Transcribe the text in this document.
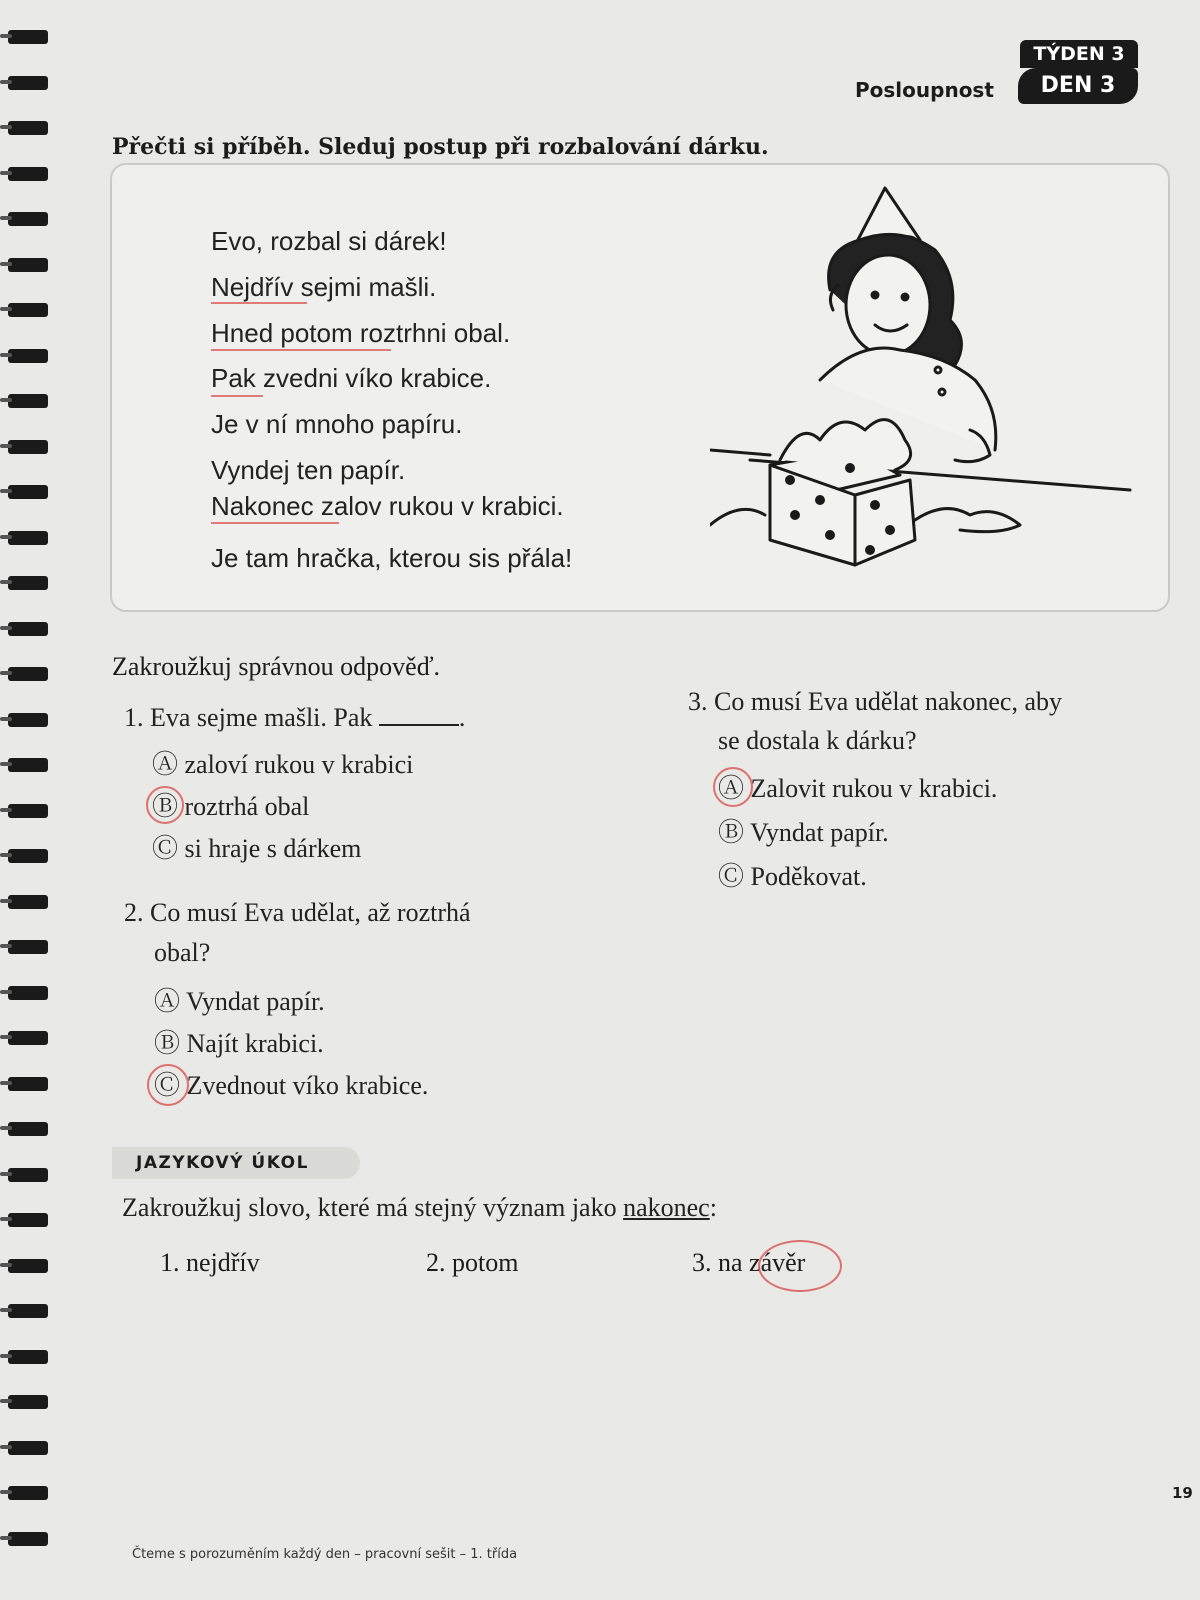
TÝDEN 3
DEN 3
Posloupnost
Přečti si příběh. Sleduj postup při rozbalování dárku.
Evo, rozbal si dárek!
Nejdřív sejmi mašli.
Hned potom roztrhni obal.
Pak zvedni víko krabice.
Je v ní mnoho papíru.
Vyndej ten papír.
Nakonec zalov rukou v krabici.
Je tam hračka, kterou sis přála!
Zakroužkuj správnou odpověď.
1. Eva sejme mašli. Pak	.
Ⓐ zaloví rukou v krabici
Ⓑ roztrhá obal
Ⓒ si hraje s dárkem
2. Co musí Eva udělat, až roztrhá
obal?
Ⓐ Vyndat papír.
Ⓑ Najít krabici.
Ⓒ Zvednout víko krabice.
3. Co musí Eva udělat nakonec, aby
se dostala k dárku?
Ⓐ Zalovit rukou v krabici.
Ⓑ Vyndat papír.
Ⓒ Poděkovat.
JAZYKOVÝ ÚKOL
Zakroužkuj slovo, které má stejný význam jako nakonec:
1. nejdřív	2. potom	3. na závěr
19
Čteme s porozuměním každý den – pracovní sešit – 1. třída
